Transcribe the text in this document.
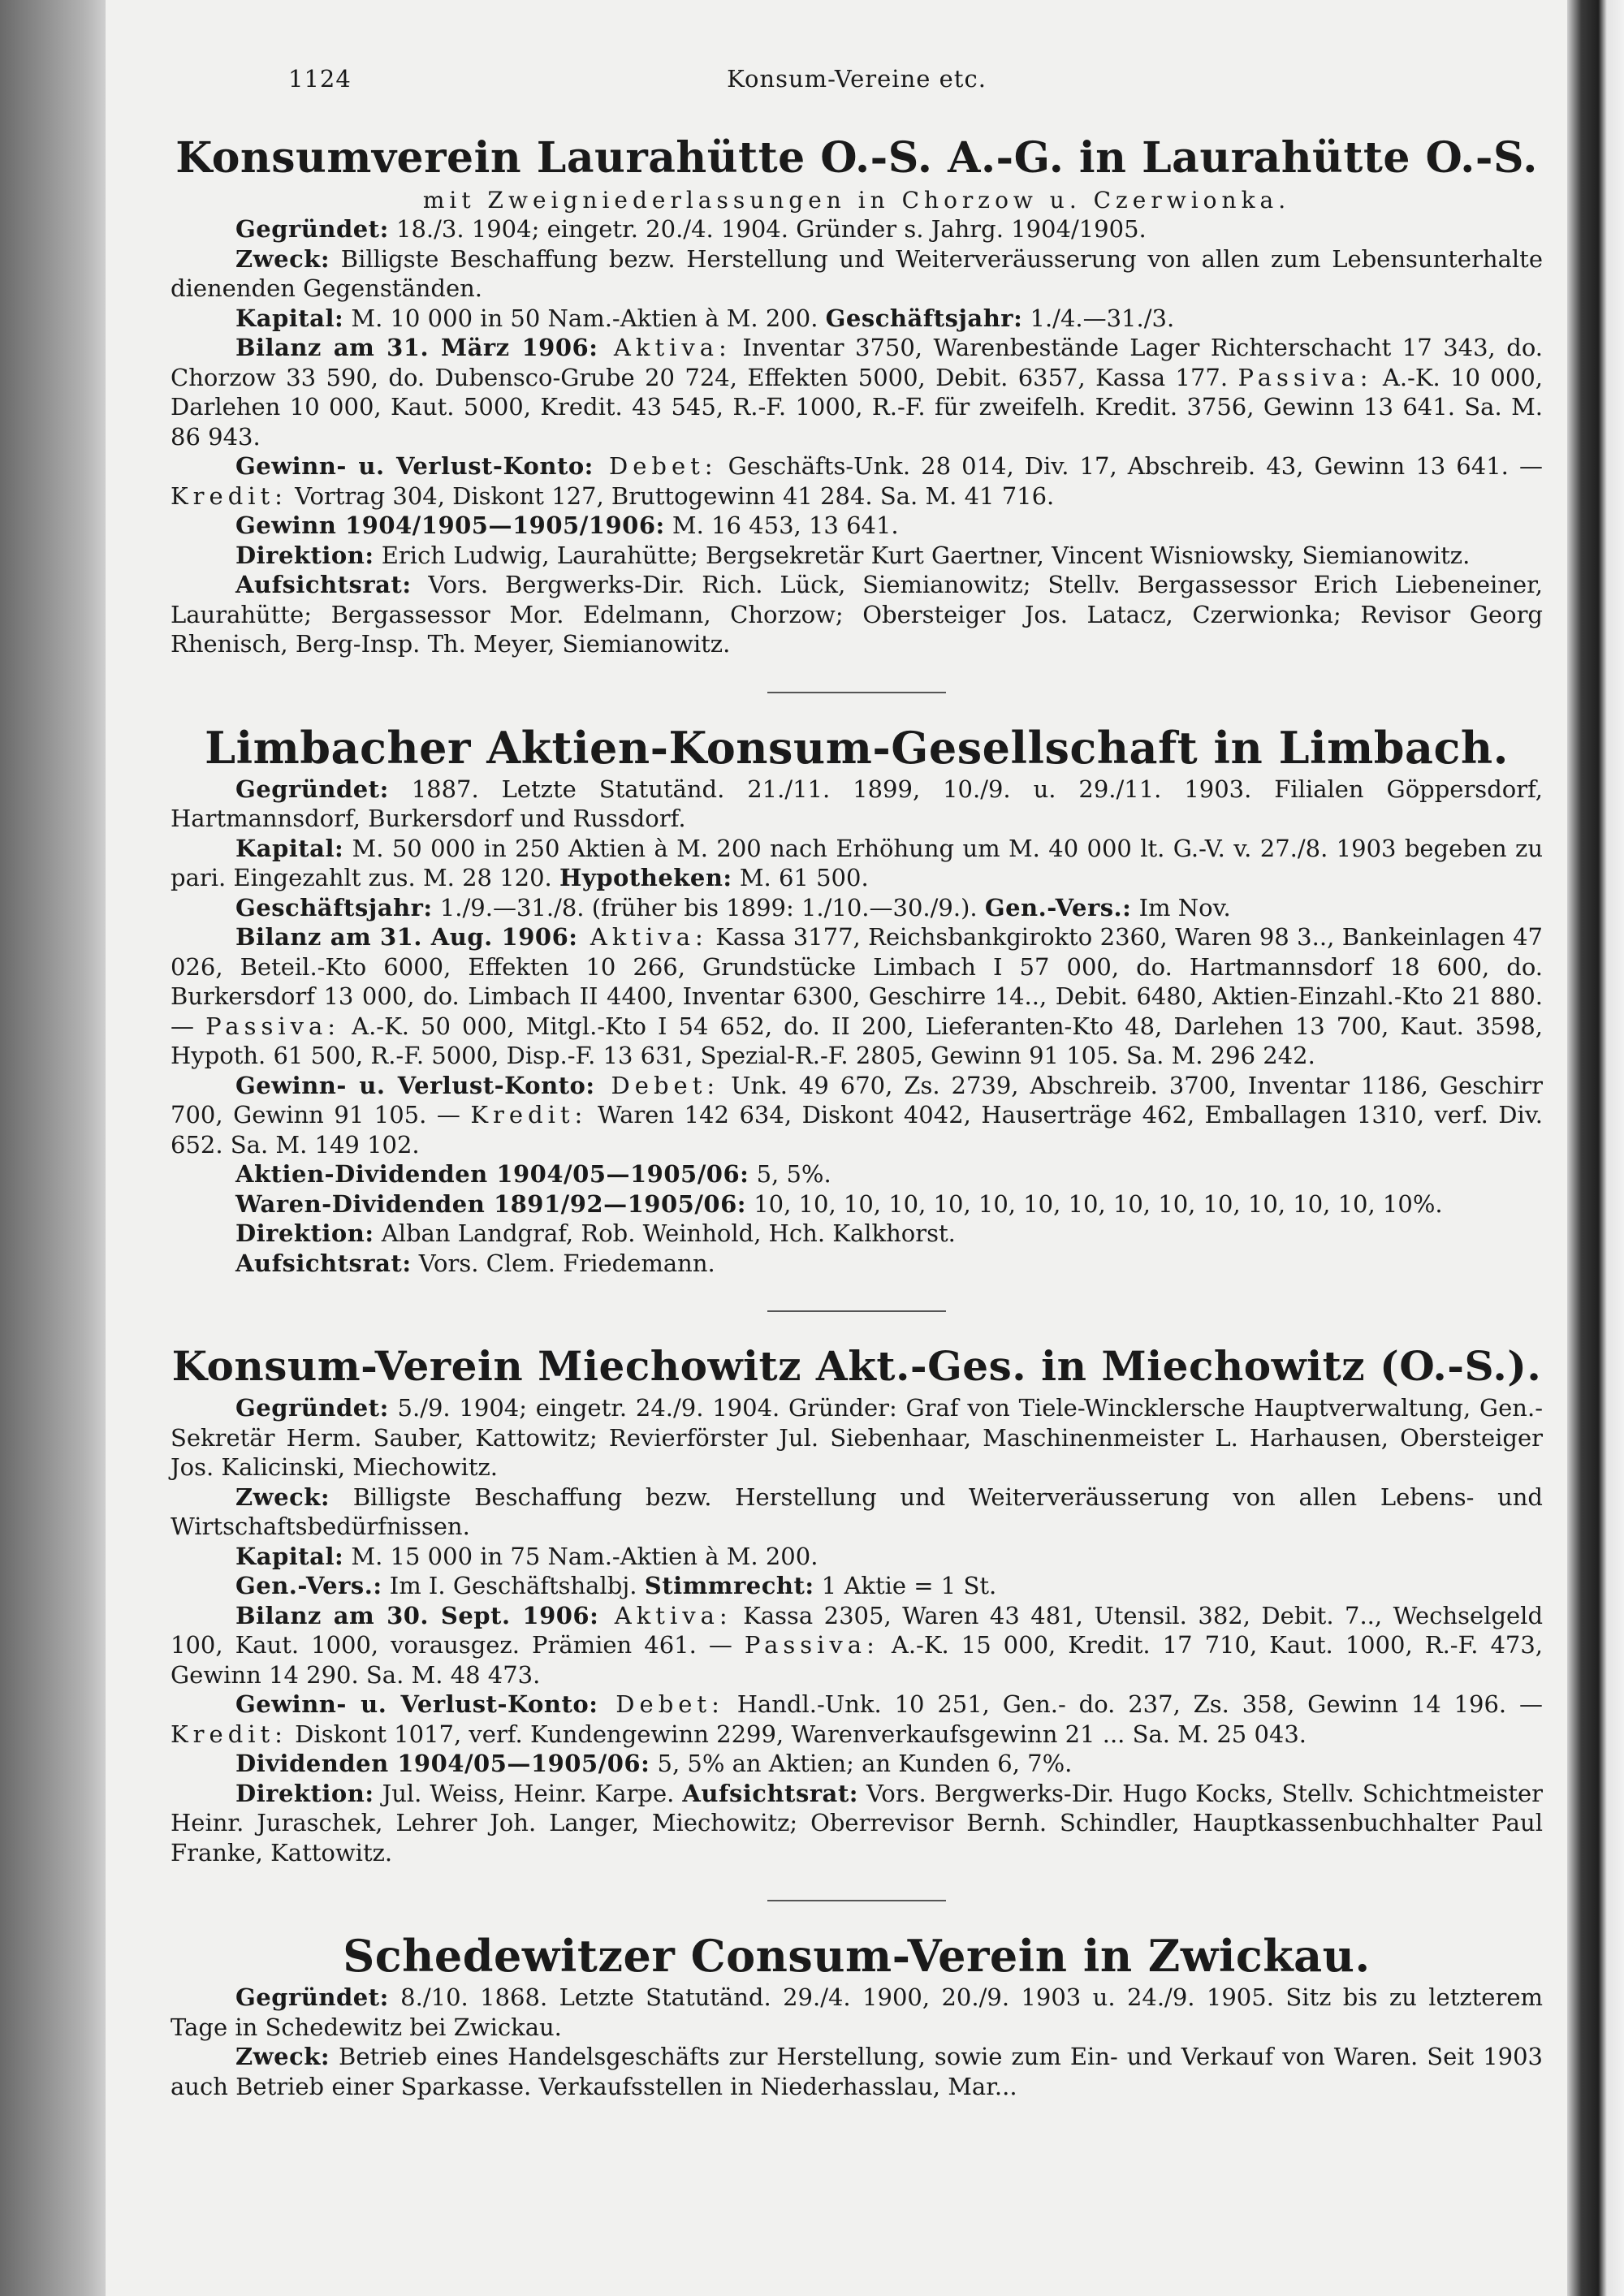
1124	Konsum-Vereine etc.
Konsumverein Laurahütte O.-S. A.-G. in Laurahütte O.-S.
mit Zweigniederlassungen in Chorzow u. Czerwionka.
Gegründet: 18./3. 1904; eingetr. 20./4. 1904. Gründer s. Jahrg. 1904/1905.
Zweck: Billigste Beschaffung bezw. Herstellung und Weiterveräusserung von allen zum Lebensunterhalte dienenden Gegenständen.
Kapital: M. 10 000 in 50 Nam.-Aktien à M. 200. Geschäftsjahr: 1./4.—31./3.
Bilanz am 31. März 1906: Aktiva: Inventar 3750, Warenbestände Lager Richterschacht 17 343, do. Chorzow 33 590, do. Dubensco-Grube 20 724, Effekten 5000, Debit. 6357, Kassa 177. Passiva: A.-K. 10 000, Darlehen 10 000, Kaut. 5000, Kredit. 43 545, R.-F. 1000, R.-F. für zweifelh. Kredit. 3756, Gewinn 13 641. Sa. M. 86 943.
Gewinn- u. Verlust-Konto: Debet: Geschäfts-Unk. 28 014, Div. 17, Abschreib. 43, Gewinn 13 641. — Kredit: Vortrag 304, Diskont 127, Bruttogewinn 41 284. Sa. M. 41 716.
Gewinn 1904/1905—1905/1906: M. 16 453, 13 641.
Direktion: Erich Ludwig, Laurahütte; Bergsekretär Kurt Gaertner, Vincent Wisniowsky, Siemianowitz.
Aufsichtsrat: Vors. Bergwerks-Dir. Rich. Lück, Siemianowitz; Stellv. Bergassessor Erich Liebeneiner, Laurahütte; Bergassessor Mor. Edelmann, Chorzow; Obersteiger Jos. Latacz, Czerwionka; Revisor Georg Rhenisch, Berg-Insp. Th. Meyer, Siemianowitz.
Limbacher Aktien-Konsum-Gesellschaft in Limbach.
Gegründet: 1887. Letzte Statutänd. 21./11. 1899, 10./9. u. 29./11. 1903. Filialen Göppersdorf, Hartmannsdorf, Burkersdorf und Russdorf.
Kapital: M. 50 000 in 250 Aktien à M. 200 nach Erhöhung um M. 40 000 lt. G.-V. v. 27./8. 1903 begeben zu pari. Eingezahlt zus. M. 28 120. Hypotheken: M. 61 500.
Geschäftsjahr: 1./9.—31./8. (früher bis 1899: 1./10.—30./9.). Gen.-Vers.: Im Nov.
Bilanz am 31. Aug. 1906: Aktiva: Kassa 3177, Reichsbankgirokto 2360, Waren 98 3.., Bankeinlagen 47 026, Beteil.-Kto 6000, Effekten 10 266, Grundstücke Limbach I 57 000, do. Hartmannsdorf 18 600, do. Burkersdorf 13 000, do. Limbach II 4400, Inventar 6300, Geschirre 14.., Debit. 6480, Aktien-Einzahl.-Kto 21 880. — Passiva: A.-K. 50 000, Mitgl.-Kto I 54 652, do. II 200, Lieferanten-Kto 48, Darlehen 13 700, Kaut. 3598, Hypoth. 61 500, R.-F. 5000, Disp.-F. 13 631, Spezial-R.-F. 2805, Gewinn 91 105. Sa. M. 296 242.
Gewinn- u. Verlust-Konto: Debet: Unk. 49 670, Zs. 2739, Abschreib. 3700, Inventar 1186, Geschirr 700, Gewinn 91 105. — Kredit: Waren 142 634, Diskont 4042, Hauserträge 462, Emballagen 1310, verf. Div. 652. Sa. M. 149 102.
Aktien-Dividenden 1904/05—1905/06: 5, 5%.
Waren-Dividenden 1891/92—1905/06: 10, 10, 10, 10, 10, 10, 10, 10, 10, 10, 10, 10, 10, 10, 10%.
Direktion: Alban Landgraf, Rob. Weinhold, Hch. Kalkhorst.
Aufsichtsrat: Vors. Clem. Friedemann.
Konsum-Verein Miechowitz Akt.-Ges. in Miechowitz (O.-S.).
Gegründet: 5./9. 1904; eingetr. 24./9. 1904. Gründer: Graf von Tiele-Wincklersche Hauptverwaltung, Gen.-Sekretär Herm. Sauber, Kattowitz; Revierförster Jul. Siebenhaar, Maschinenmeister L. Harhausen, Obersteiger Jos. Kalicinski, Miechowitz.
Zweck: Billigste Beschaffung bezw. Herstellung und Weiterveräusserung von allen Lebens- und Wirtschaftsbedürfnissen.
Kapital: M. 15 000 in 75 Nam.-Aktien à M. 200.
Gen.-Vers.: Im I. Geschäftshalbj. Stimmrecht: 1 Aktie = 1 St.
Bilanz am 30. Sept. 1906: Aktiva: Kassa 2305, Waren 43 481, Utensil. 382, Debit. 7.., Wechselgeld 100, Kaut. 1000, vorausgez. Prämien 461. — Passiva: A.-K. 15 000, Kredit. 17 710, Kaut. 1000, R.-F. 473, Gewinn 14 290. Sa. M. 48 473.
Gewinn- u. Verlust-Konto: Debet: Handl.-Unk. 10 251, Gen.- do. 237, Zs. 358, Gewinn 14 196. — Kredit: Diskont 1017, verf. Kundengewinn 2299, Warenverkaufsgewinn 21 ... Sa. M. 25 043.
Dividenden 1904/05—1905/06: 5, 5% an Aktien; an Kunden 6, 7%.
Direktion: Jul. Weiss, Heinr. Karpe. Aufsichtsrat: Vors. Bergwerks-Dir. Hugo Kocks, Stellv. Schichtmeister Heinr. Juraschek, Lehrer Joh. Langer, Miechowitz; Oberrevisor Bernh. Schindler, Hauptkassenbuchhalter Paul Franke, Kattowitz.
Schedewitzer Consum-Verein in Zwickau.
Gegründet: 8./10. 1868. Letzte Statutänd. 29./4. 1900, 20./9. 1903 u. 24./9. 1905. Sitz bis zu letzterem Tage in Schedewitz bei Zwickau.
Zweck: Betrieb eines Handelsgeschäfts zur Herstellung, sowie zum Ein- und Verkauf von Waren. Seit 1903 auch Betrieb einer Sparkasse. Verkaufsstellen in Niederhasslau, Mar...
